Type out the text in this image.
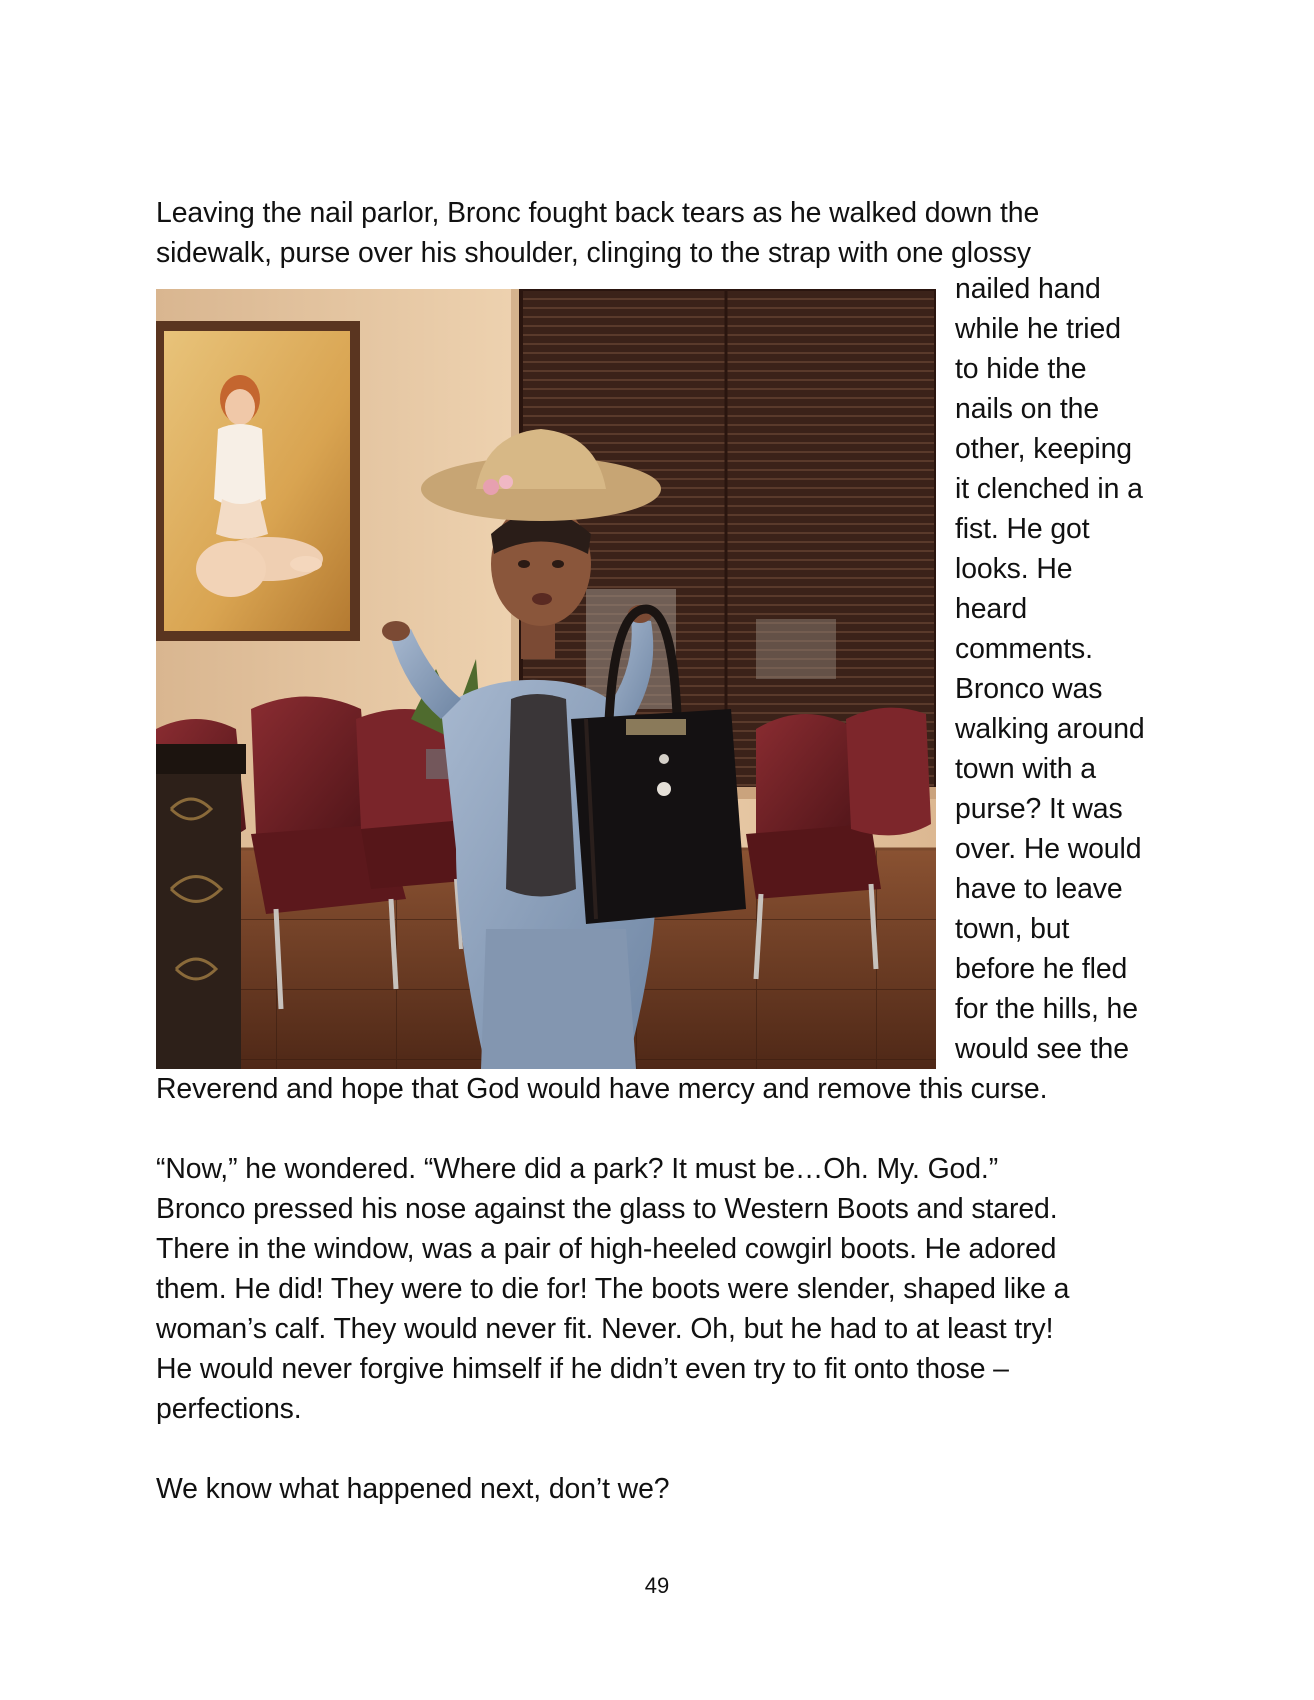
Leaving the nail parlor, Bronc fought back tears as he walked down the
sidewalk, purse over his shoulder, clinging to the strap with one glossy
nailed hand
while he tried
to hide the
nails on the
other, keeping
it clenched in a
fist. He got
looks. He
heard
comments.
Bronco was
walking around
town with a
purse? It was
over. He would
have to leave
town, but
before he fled
for the hills, he
would see the
Reverend and hope that God would have mercy and remove this curse.
“Now,” he wondered. “Where did a park? It must be…Oh. My. God.”
Bronco pressed his nose against the glass to Western Boots and stared.
There in the window, was a pair of high-heeled cowgirl boots. He adored
them. He did! They were to die for! The boots were slender, shaped like a
woman’s calf. They would never fit. Never. Oh, but he had to at least try!
He would never forgive himself if he didn’t even try to fit onto those –
perfections.
We know what happened next, don’t we?
49
